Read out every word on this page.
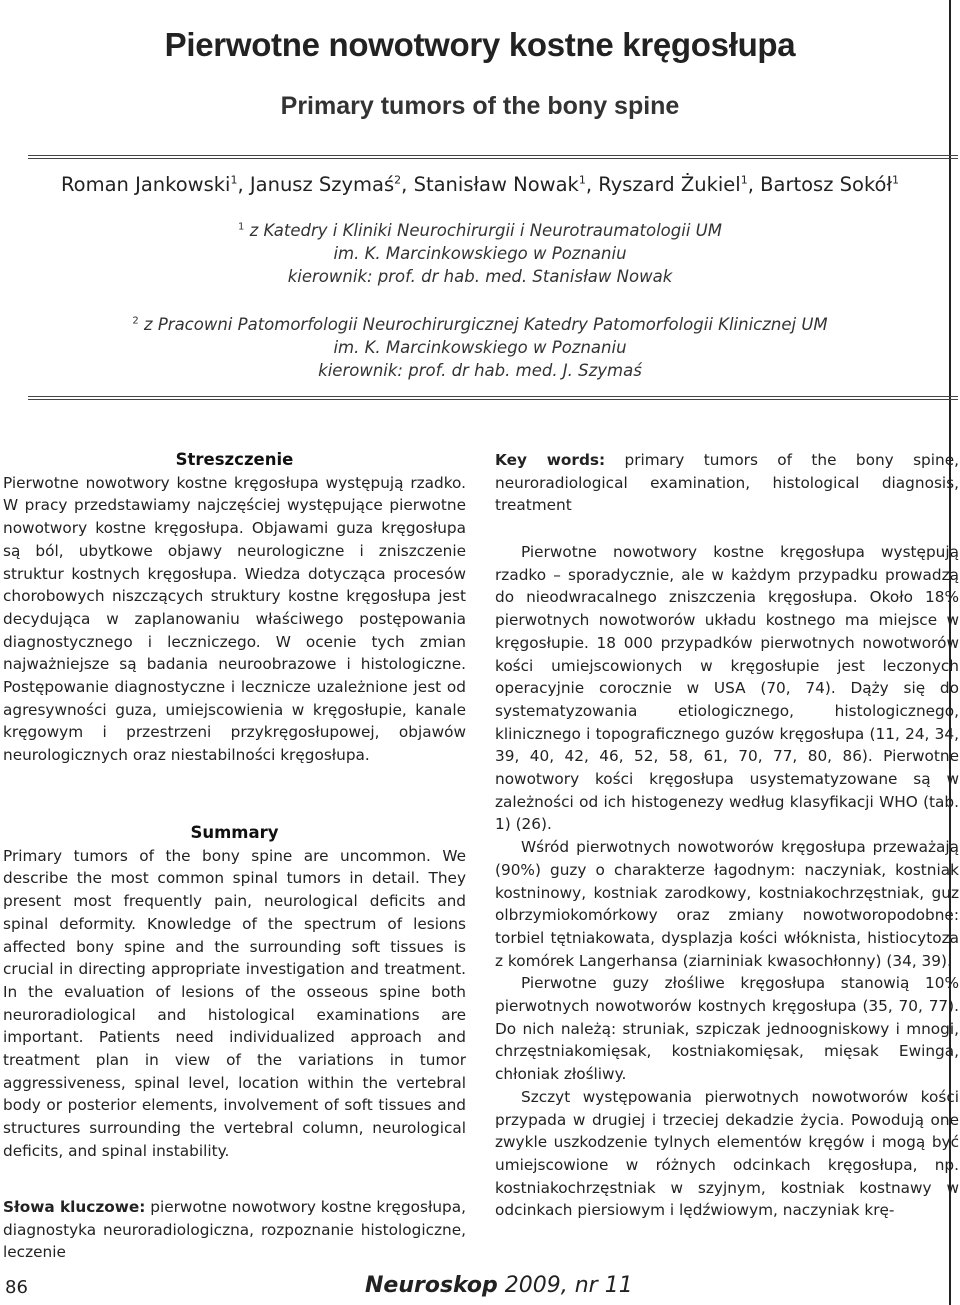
Pierwotne nowotwory kostne kręgosłupa
Primary tumors of the bony spine
Roman Jankowski$^1$, Janusz Szymaś$^2$, Stanisław Nowak$^1$, Ryszard Żukiel$^1$, Bartosz Sokół$^1$
$^1$ z Katedry i Kliniki Neurochirurgii i Neurotraumatologii UM
im. K. Marcinkowskiego w Poznaniu
kierownik: prof. dr hab. med. Stanisław Nowak
$^2$ z Pracowni Patomorfologii Neurochirurgicznej Katedry Patomorfologii Klinicznej UM
im. K. Marcinkowskiego w Poznaniu
kierownik: prof. dr hab. med. J. Szymaś
Streszczenie

Pierwotne nowotwory kostne kręgosłupa występują rzadko. W pracy przedstawiamy najczęściej występujące pierwotne nowotwory kostne kręgosłupa. Objawami guza kręgosłupa są ból, ubytkowe objawy neurologiczne i zniszczenie struktur kostnych kręgosłupa. Wiedza dotycząca procesów chorobowych niszczących struktury kostne kręgosłupa jest decydująca w zaplanowaniu właściwego postępowania diagnostycznego i leczniczego. W ocenie tych zmian najważniejsze są badania neuroobrazowe i histologiczne. Postępowanie diagnostyczne i lecznicze uzależnione jest od agresywności guza, umiejscowienia w kręgosłupie, kanale kręgowym i przestrzeni przykręgosłupowej, objawów neurologicznych oraz niestabilności kręgosłupa.

Summary

Primary tumors of the bony spine are uncommon. We describe the most common spinal tumors in detail. They present most frequently pain, neurological deficits and spinal deformity. Knowledge of the spectrum of lesions affected bony spine and the surrounding soft tissues is crucial in directing appropriate investigation and treatment. In the evaluation of lesions of the osseous spine both neuroradiological and histological examinations are important. Patients need individualized approach and treatment plan in view of the variations in tumor aggressiveness, spinal level, location within the vertebral body or posterior elements, involvement of soft tissues and structures surrounding the vertebral column, neurological deficits, and spinal instability.

Słowa kluczowe: pierwotne nowotwory kostne kręgosłupa, diagnostyka neuroradiologiczna, rozpoznanie histologiczne, leczenie

Key words: primary tumors of the bony spine, neuroradiological examination, histological diagnosis, treatment

Pierwotne nowotwory kostne kręgosłupa występują rzadko – sporadycznie, ale w każdym przypadku prowadzą do nieodwracalnego zniszczenia kręgosłupa. Około 18% pierwotnych nowotworów układu kostnego ma miejsce w kręgosłupie. 18 000 przypadków pierwotnych nowotworów kości umiejscowionych w kręgosłupie jest leczonych operacyjnie corocznie w USA (70, 74). Dąży się do systematyzowania etiologicznego, histologicznego, klinicznego i topograficznego guzów kręgosłupa (11, 24, 34, 39, 40, 42, 46, 52, 58, 61, 70, 77, 80, 86). Pierwotne nowotwory kości kręgosłupa usystematyzowane są w zależności od ich histogenezy według klasyfikacji WHO (tab. 1) (26).

Wśród pierwotnych nowotworów kręgosłupa przeważają (90%) guzy o charakterze łagodnym: naczyniak, kostniak kostninowy, kostniak zarodkowy, kostniakochrzęstniak, guz olbrzymiokomórkowy oraz zmiany nowotworopodobne: torbiel tętniakowata, dysplazja kości włóknista, histiocytoza z komórek Langerhansa (ziarniniak kwasochłonny) (34, 39).

Pierwotne guzy złośliwe kręgosłupa stanowią 10% pierwotnych nowotworów kostnych kręgosłupa (35, 70, 77). Do nich należą: struniak, szpiczak jednoogniskowy i mnogi, chrzęstniakomięsak, kostniakomięsak, mięsak Ewinga, chłoniak złośliwy.

Szczyt występowania pierwotnych nowotworów kości przypada w drugiej i trzeciej dekadzie życia. Powodują one zwykle uszkodzenie tylnych elementów kręgów i mogą być umiejscowione w różnych odcinkach kręgosłupa, np. kostniakochrzęstniak w szyjnym, kostniak kostnawy w odcinkach piersiowym i lędźwiowym, naczyniak krę-

86	Neuroskop 2009, nr 11
